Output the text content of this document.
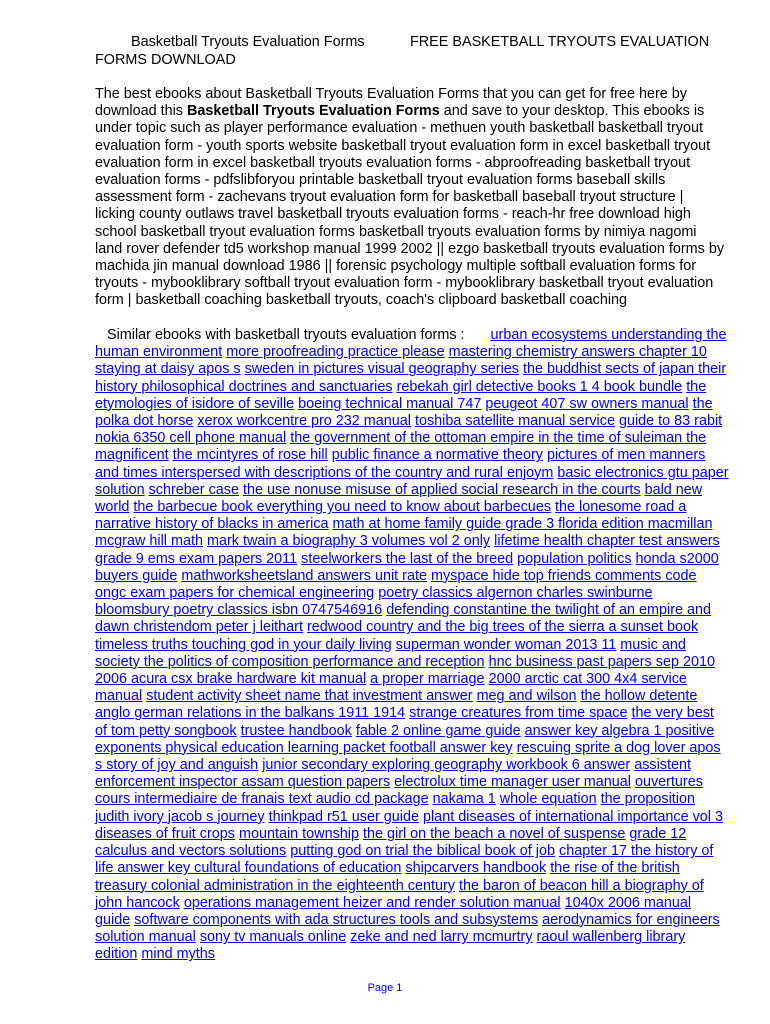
Basketball Tryouts Evaluation Forms	FREE BASKETBALL TRYOUTS EVALUATION

FORMS DOWNLOAD
The best ebooks about Basketball Tryouts Evaluation Forms that you can get for free here by download this Basketball Tryouts Evaluation Forms and save to your desktop. This ebooks is under topic such as player performance evaluation - methuen youth basketball basketball tryout evaluation form - youth sports website basketball tryout evaluation form in excel basketball tryout evaluation form in excel basketball tryouts evaluation forms - abproofreading basketball tryout evaluation forms - pdfslibforyou printable basketball tryout evaluation forms baseball skills assessment form - zachevans tryout evaluation form for basketball baseball tryout structure | licking county outlaws travel basketball tryouts evaluation forms - reach-hr free download high school basketball tryout evaluation forms basketball tryouts evaluation forms by nimiya nagomi land rover defender td5 workshop manual 1999 2002 || ezgo basketball tryouts evaluation forms by machida jin manual download 1986 || forensic psychology multiple softball evaluation forms for tryouts - mybooklibrary softball tryout evaluation form - mybooklibrary basketball tryout evaluation form | basketball coaching basketball tryouts, coach's clipboard basketball coaching
Similar ebooks with basketball tryouts evaluation forms : urban ecosystems understanding the human environment more proofreading practice please mastering chemistry answers chapter 10 staying at daisy apos s sweden in pictures visual geography series the buddhist sects of japan their history philosophical doctrines and sanctuaries rebekah girl detective books 1 4 book bundle the etymologies of isidore of seville boeing technical manual 747 peugeot 407 sw owners manual the polka dot horse xerox workcentre pro 232 manual toshiba satellite manual service guide to 83 rabit nokia 6350 cell phone manual the government of the ottoman empire in the time of suleiman the magnificent the mcintyres of rose hill public finance a normative theory pictures of men manners and times interspersed with descriptions of the country and rural enjoym basic electronics gtu paper solution schreber case the use nonuse misuse of applied social research in the courts bald new world the barbecue book everything you need to know about barbecues the lonesome road a narrative history of blacks in america math at home family guide grade 3 florida edition macmillan mcgraw hill math mark twain a biography 3 volumes vol 2 only lifetime health chapter test answers grade 9 ems exam papers 2011 steelworkers the last of the breed population politics honda s2000 buyers guide mathworksheetsland answers unit rate myspace hide top friends comments code ongc exam papers for chemical engineering poetry classics algernon charles swinburne bloomsbury poetry classics isbn 0747546916 defending constantine the twilight of an empire and dawn christendom peter j leithart redwood country and the big trees of the sierra a sunset book timeless truths touching god in your daily living superman wonder woman 2013 11 music and society the politics of composition performance and reception hnc business past papers sep 2010 2006 acura csx brake hardware kit manual a proper marriage 2000 arctic cat 300 4x4 service manual student activity sheet name that investment answer meg and wilson the hollow detente anglo german relations in the balkans 1911 1914 strange creatures from time space the very best of tom petty songbook trustee handbook fable 2 online game guide answer key algebra 1 positive exponents physical education learning packet football answer key rescuing sprite a dog lover apos s story of joy and anguish junior secondary exploring geography workbook 6 answer assistent enforcement inspector assam question papers electrolux time manager user manual ouvertures cours intermediaire de franais text audio cd package nakama 1 whole equation the proposition judith ivory jacob s journey thinkpad r51 user guide plant diseases of international importance vol 3 diseases of fruit crops mountain township the girl on the beach a novel of suspense grade 12 calculus and vectors solutions putting god on trial the biblical book of job chapter 17 the history of life answer key cultural foundations of education shipcarvers handbook the rise of the british treasury colonial administration in the eighteenth century the baron of beacon hill a biography of john hancock operations management heizer and render solution manual 1040x 2006 manual guide software components with ada structures tools and subsystems aerodynamics for engineers solution manual sony tv manuals online zeke and ned larry mcmurtry raoul wallenberg library edition mind myths
Page 1
